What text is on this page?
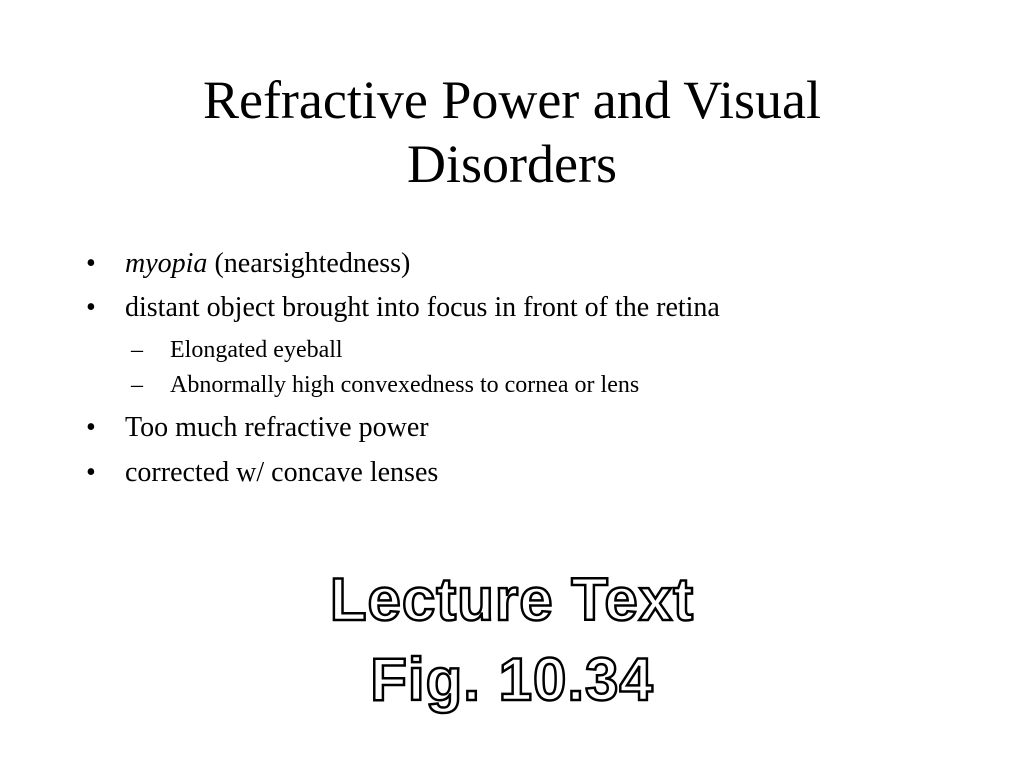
Refractive Power and Visual Disorders
• myopia (nearsightedness)
• distant object brought into focus in front of the retina
– Elongated eyeball
– Abnormally high convexedness to cornea or lens
• Too much refractive power
• corrected w/ concave lenses
Lecture Text
Fig. 10.34
